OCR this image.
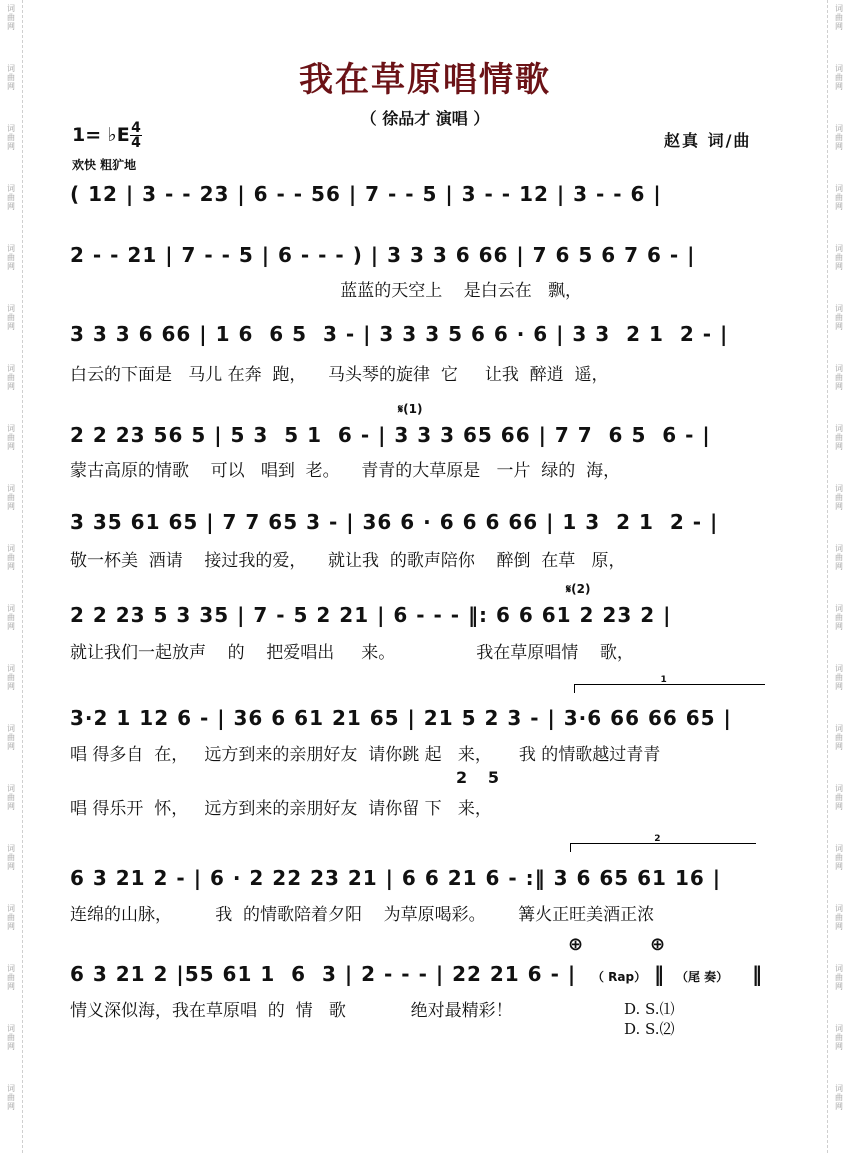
词
曲
网
词
曲
网
词
曲
网
词
曲
网
词
曲
网
词
曲
网
词
曲
网
词
曲
网
词
曲
网
词
曲
网
词
曲
网
词
曲
网
词
曲
网
词
曲
网
词
曲
网
词
曲
网
词
曲
网
词
曲
网
词
曲
网
词
曲
网
词
曲
网
词
曲
网
词
曲
网
词
曲
网
词
曲
网
词
曲
网
词
曲
网
词
曲
网
词
曲
网
词
曲
网
词
曲
网
词
曲
网
词
曲
网
词
曲
网
词
曲
网
词
曲
网
词
曲
网
词
曲
网
我在草原唱情歌
（ 徐品才 演唱 ）
1= ♭E 4
4
欢快 粗犷地
赵真 词/曲
( 12 | 3 - - 23 | 6 - - 56 | 7 - - 5 | 3 - - 12 | 3 - - 6 |
2 - - 21 | 7 - - 5 | 6 - - - ) | 3 3 3 6 66 | 7 6 5 6 7 6 - |
蓝蓝的天空上    是白云在   飘，
3 3 3 6 66 | 1 6  6 5  3 - | 3 3 3 5 6 6 · 6 | 3 3  2 1  2 - |
白云的下面是   马儿 在奔  跑，    马头琴的旋律  它     让我  醉逍  遥，
𝄋(1)
2 2 23 56 5 | 5 3  5 1  6 - | 3 3 3 65 66 | 7 7  6 5  6 - |
蒙古高原的情歌    可以   唱到  老。    青青的大草原是   一片  绿的  海，
3 35 61 65 | 7 7 65 3 - | 36 6 · 6 6 6 66 | 1 3  2 1  2 - |
敬一杯美  酒请    接过我的爱，    就让我  的歌声陪你    醉倒  在草   原，
𝄋(2)
2 2 23 5 3 35 | 7 - 5 2 21 | 6 - - - ‖: 6 6 61 2 23 2 |
就让我们一起放声    的    把爱唱出     来。               我在草原唱情    歌，
1
3·2 1 12 6 - | 36 6 61 21 65 | 21 5 2 3 - | 3·6 66 66 65 |
唱 得多自  在，   远方到来的亲朋好友  请你跳 起   来，     我 的情歌越过青青
2   5
唱 得乐开  怀，   远方到来的亲朋好友  请你留 下   来，
2
6 3 21 2 - | 6 · 2 22 23 21 | 6 6 21 6 - :‖ 3 6 65 61 16 |
连绵的山脉，        我  的情歌陪着夕阳    为草原喝彩。      篝火正旺美酒正浓
⊕	⊕
6 3 21 2 |55 61 1  6  3 | 2 - - - | 22 21 6 - |	（ Rap） ‖ （尾 奏） ‖
情义深似海，我在草原唱  的  情   歌            绝对最精彩！	D. S.⑴
D. S.⑵
